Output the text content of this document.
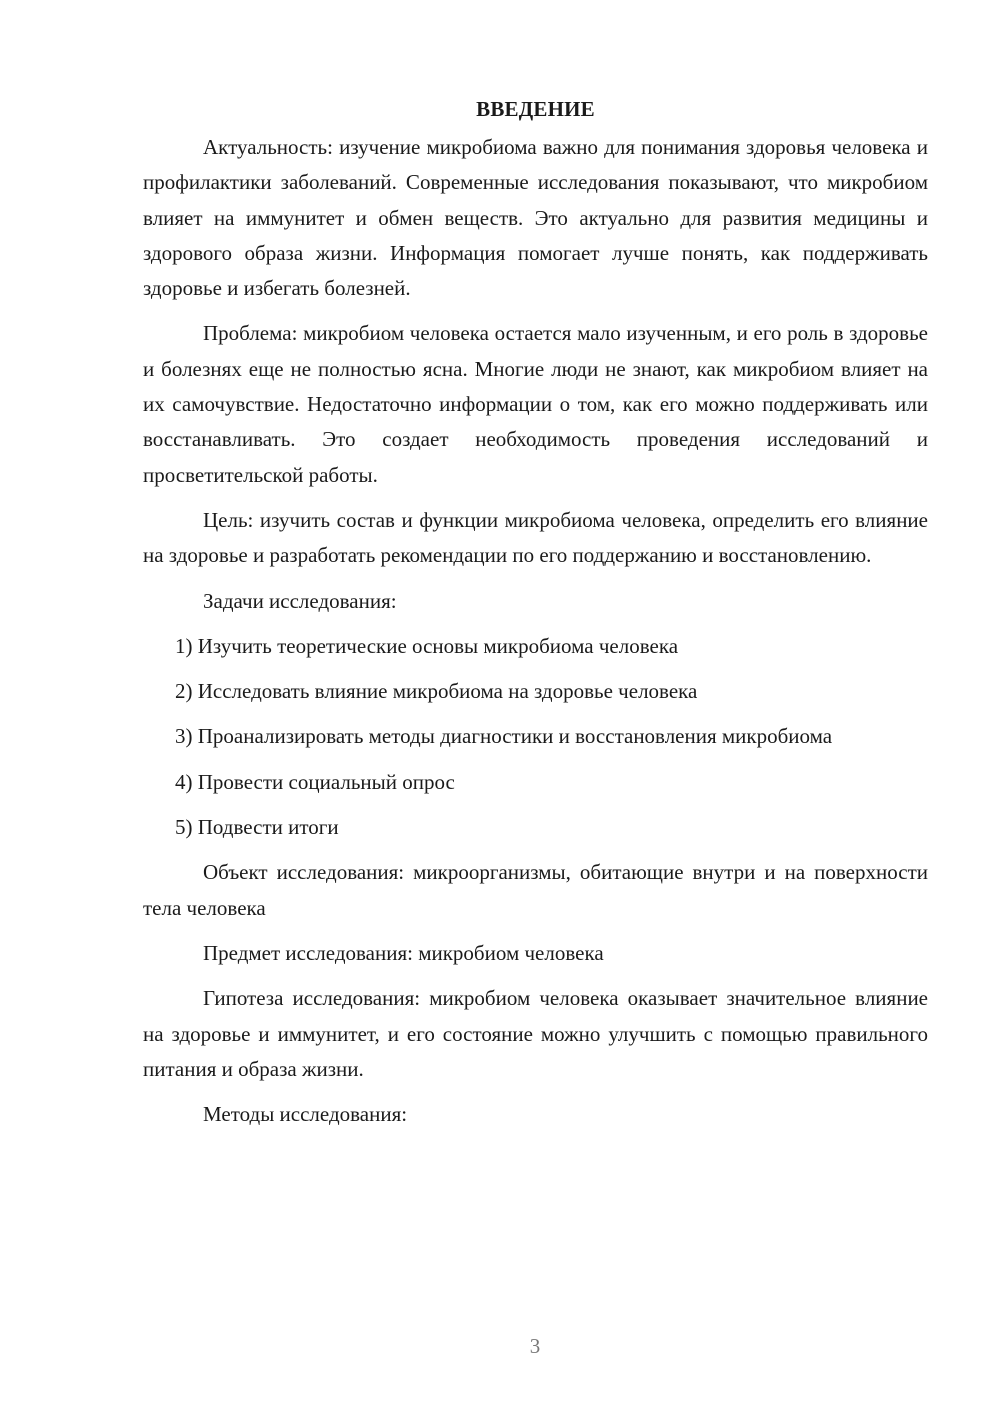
ВВЕДЕНИЕ

Актуальность: изучение микробиома важно для понимания здоровья человека и профилактики заболеваний. Современные исследования показывают, что микробиом влияет на иммунитет и обмен веществ. Это актуально для развития медицины и здорового образа жизни. Информация помогает лучше понять, как поддерживать здоровье и избегать болезней.

Проблема: микробиом человека остается мало изученным, и его роль в здоровье и болезнях еще не полностью ясна. Многие люди не знают, как микробиом влияет на их самочувствие. Недостаточно информации о том, как его можно поддерживать или восстанавливать. Это создает необходимость проведения исследований и просветительской работы.

Цель: изучить состав и функции микробиома человека, определить его влияние на здоровье и разработать рекомендации по его поддержанию и восстановлению.

Задачи исследования:

1) Изучить теоретические основы микробиома человека

2) Исследовать влияние микробиома на здоровье человека

3) Проанализировать методы диагностики и восстановления микробиома

4) Провести социальный опрос

5) Подвести итоги

Объект исследования: микроорганизмы, обитающие внутри и на поверхности тела человека

Предмет исследования: микробиом человека

Гипотеза исследования: микробиом человека оказывает значительное влияние на здоровье и иммунитет, и его состояние можно улучшить с помощью правильного питания и образа жизни.

Методы исследования:

3
